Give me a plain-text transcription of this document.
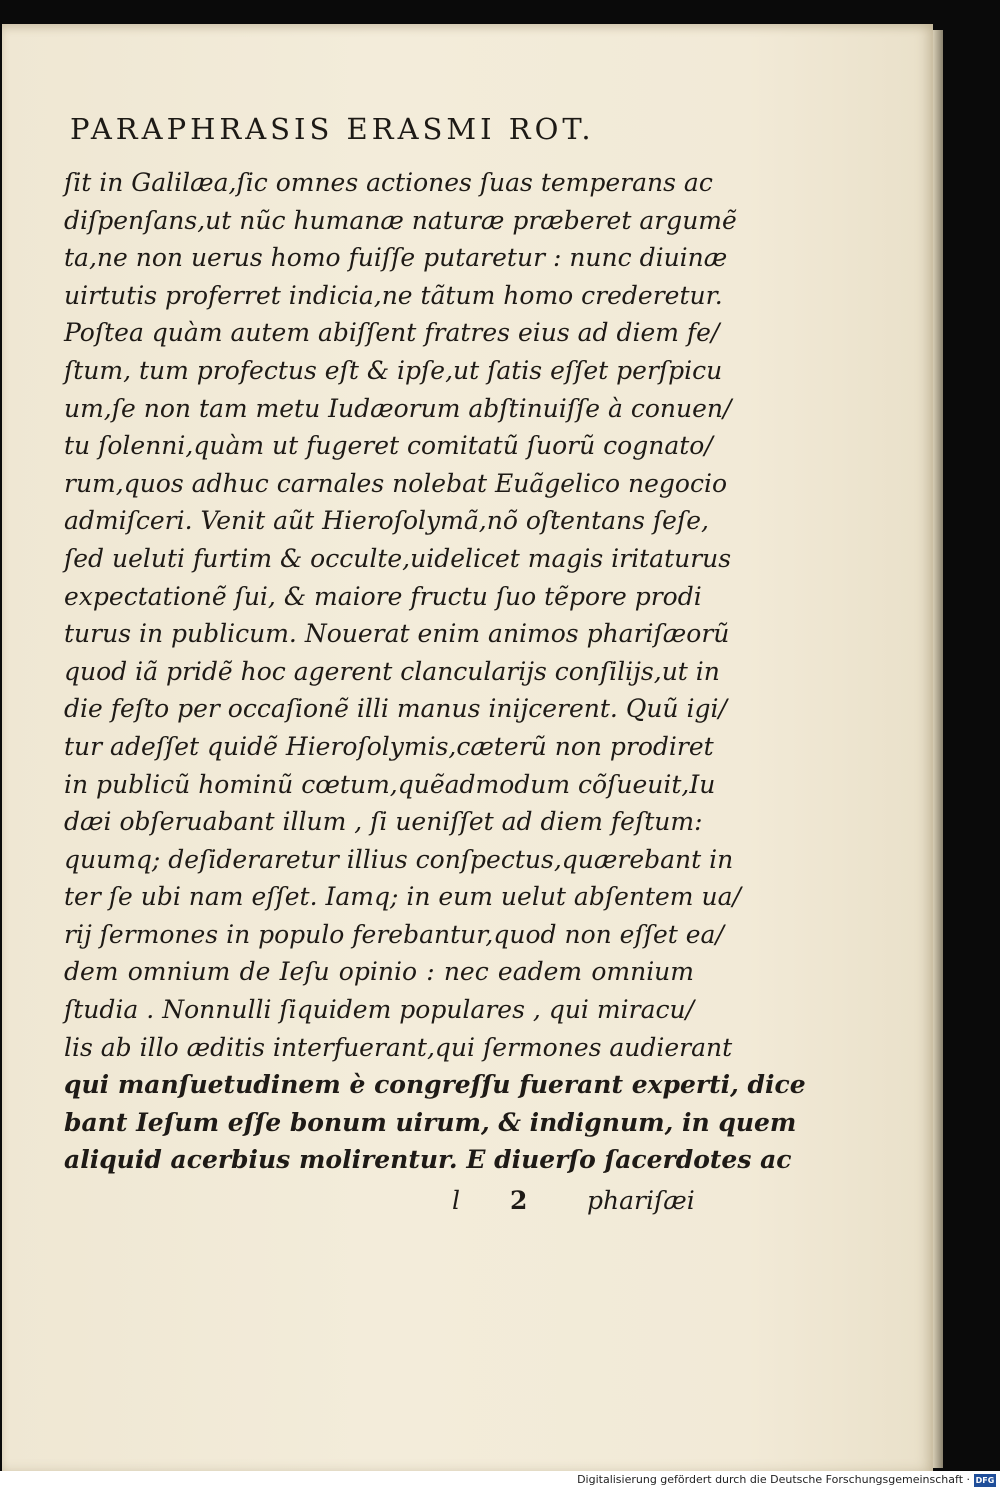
PARAPHRASIS ERASMI ROT.
ſit in Galilæa,ſic omnes actiones ſuas temperans ac
diſpenſans,ut nũc humanæ naturæ præberet argumẽ
ta,ne non uerus homo fuiſſe putaretur : nunc diuinæ
uirtutis proferret indicia,ne tãtum homo crederetur.
Poſtea quàm autem abiſſent fratres eius ad diem fe/
ſtum, tum profectus eſt & ipſe,ut ſatis eſſet perſpicu
um,ſe non tam metu Iudæorum abſtinuiſſe à conuen/
tu ſolenni,quàm ut fugeret comitatũ ſuorũ cognato/
rum,quos adhuc carnales nolebat Euãgelico negocio
admiſceri. Venit aũt Hieroſolymã,nõ oſtentans ſeſe,
ſed ueluti furtim & occulte,uidelicet magis iritaturus
expectationẽ ſui, & maiore fructu ſuo tẽpore prodi
turus in publicum. Nouerat enim animos phariſæorũ
quod iã pridẽ hoc agerent clancularijs conſilijs,ut in
die feſto per occaſionẽ illi manus inijcerent. Quũ igi/
tur adeſſet quidẽ Hieroſolymis,cæterũ non prodiret
in publicũ hominũ cœtum,quẽadmodum cõſueuit,Iu
dæi obſeruabant illum , ſi ueniſſet ad diem feſtum:
quumq; deſideraretur illius conſpectus,quærebant in
ter ſe ubi nam eſſet. Iamq; in eum uelut abſentem ua/
rij ſermones in populo ferebantur,quod non eſſet ea/
dem omnium de Ieſu opinio : nec eadem omnium
ſtudia . Nonnulli ſiquidem populares , qui miracu/
lis ab illo æditis interfuerant,qui ſermones audierant
qui manſuetudinem è congreſſu fuerant experti, dice
bant Ieſum eſſe bonum uirum, & indignum, in quem
aliquid acerbius molirentur. E diuerſo ſacerdotes ac
l 2	phariſæi
Digitalisierung gefördert durch die Deutsche Forschungsgemeinschaft · DFG
